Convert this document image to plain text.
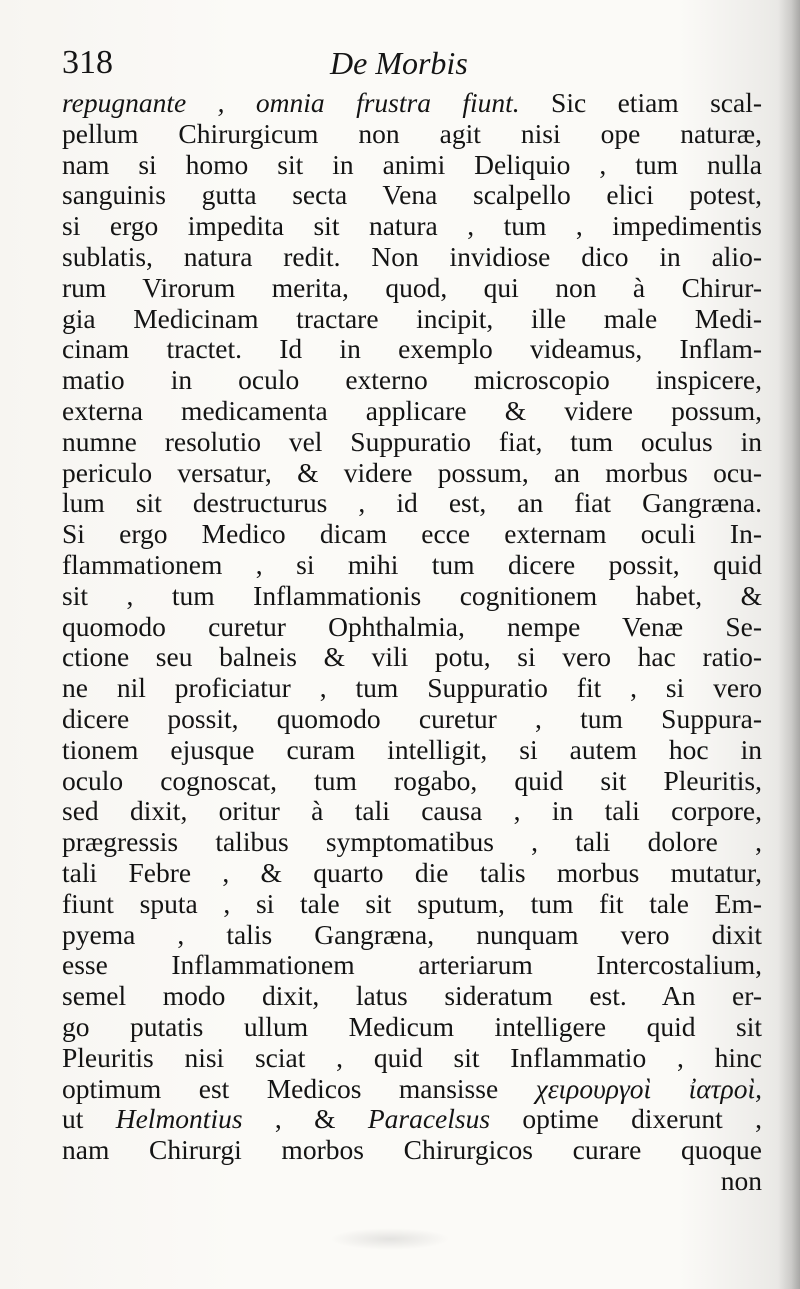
318	De Morbis
repugnante , omnia frustra fiunt. Sic etiam scal-
pellum Chirurgicum non agit nisi ope naturæ,
nam si homo sit in animi Deliquio , tum nulla
sanguinis gutta secta Vena scalpello elici potest,
si ergo impedita sit natura , tum , impedimentis
sublatis, natura redit. Non invidiose dico in alio-
rum Virorum merita, quod, qui non à Chirur-
gia Medicinam tractare incipit, ille male Medi-
cinam tractet. Id in exemplo videamus, Inflam-
matio in oculo externo microscopio inspicere,
externa medicamenta applicare & videre possum,
numne resolutio vel Suppuratio fiat, tum oculus in
periculo versatur, & videre possum, an morbus ocu-
lum sit destructurus , id est, an fiat Gangræna.
Si ergo Medico dicam ecce externam oculi In-
flammationem , si mihi tum dicere possit, quid
sit , tum Inflammationis cognitionem habet, &
quomodo curetur Ophthalmia, nempe Venæ Se-
ctione seu balneis & vili potu, si vero hac ratio-
ne nil proficiatur , tum Suppuratio fit , si vero
dicere possit, quomodo curetur , tum Suppura-
tionem ejusque curam intelligit, si autem hoc in
oculo cognoscat, tum rogabo, quid sit Pleuritis,
sed dixit, oritur à tali causa , in tali corpore,
prægressis talibus symptomatibus , tali dolore ,
tali Febre , & quarto die talis morbus mutatur,
fiunt sputa , si tale sit sputum, tum fit tale Em-
pyema , talis Gangræna, nunquam vero dixit
esse Inflammationem arteriarum Intercostalium,
semel modo dixit, latus sideratum est. An er-
go putatis ullum Medicum intelligere quid sit
Pleuritis nisi sciat , quid sit Inflammatio , hinc
optimum est Medicos mansisse χειρουργοὶ ἰατροὶ,
ut Helmontius , & Paracelsus optime dixerunt ,
nam Chirurgi morbos Chirurgicos curare quoque
non
